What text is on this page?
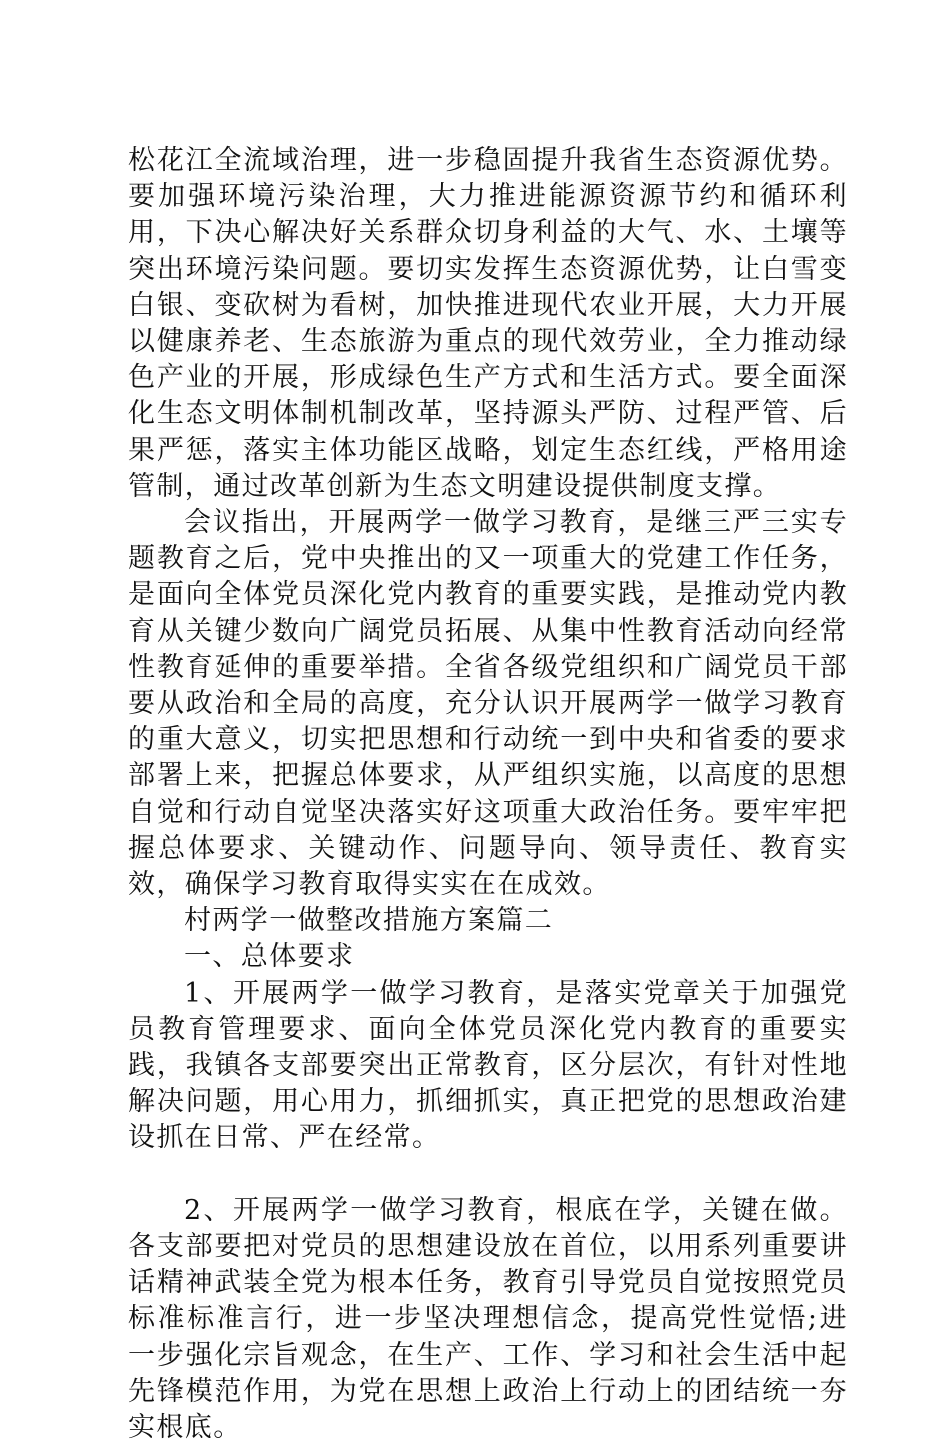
松花江全流域治理，进一步稳固提升我省生态资源优势。要加强环境污染治理，大力推进能源资源节约和循环利用，下决心解决好关系群众切身利益的大气、水、土壤等突出环境污染问题。要切实发挥生态资源优势，让白雪变白银、变砍树为看树，加快推进现代农业开展，大力开展以健康养老、生态旅游为重点的现代效劳业，全力推动绿色产业的开展，形成绿色生产方式和生活方式。要全面深化生态文明体制机制改革，坚持源头严防、过程严管、后果严惩，落实主体功能区战略，划定生态红线，严格用途管制，通过改革创新为生态文明建设提供制度支撑。

会议指出，开展两学一做学习教育，是继三严三实专题教育之后，党中央推出的又一项重大的党建工作任务，是面向全体党员深化党内教育的重要实践，是推动党内教育从关键少数向广阔党员拓展、从集中性教育活动向经常性教育延伸的重要举措。全省各级党组织和广阔党员干部要从政治和全局的高度，充分认识开展两学一做学习教育的重大意义，切实把思想和行动统一到中央和省委的要求部署上来，把握总体要求，从严组织实施，以高度的思想自觉和行动自觉坚决落实好这项重大政治任务。要牢牢把握总体要求、关键动作、问题导向、领导责任、教育实效，确保学习教育取得实实在在成效。

村两学一做整改措施方案篇二

一、总体要求

1、开展两学一做学习教育，是落实党章关于加强党员教育管理要求、面向全体党员深化党内教育的重要实践，我镇各支部要突出正常教育，区分层次，有针对性地解决问题，用心用力，抓细抓实，真正把党的思想政治建设抓在日常、严在经常。

2、开展两学一做学习教育，根底在学，关键在做。各支部要把对党员的思想建设放在首位，以用系列重要讲话精神武装全党为根本任务，教育引导党员自觉按照党员标准标准言行，进一步坚决理想信念，提高党性觉悟;进一步强化宗旨观念，在生产、工作、学习和社会生活中起先锋模范作用，为党在思想上政治上行动上的团结统一夯实根底。
